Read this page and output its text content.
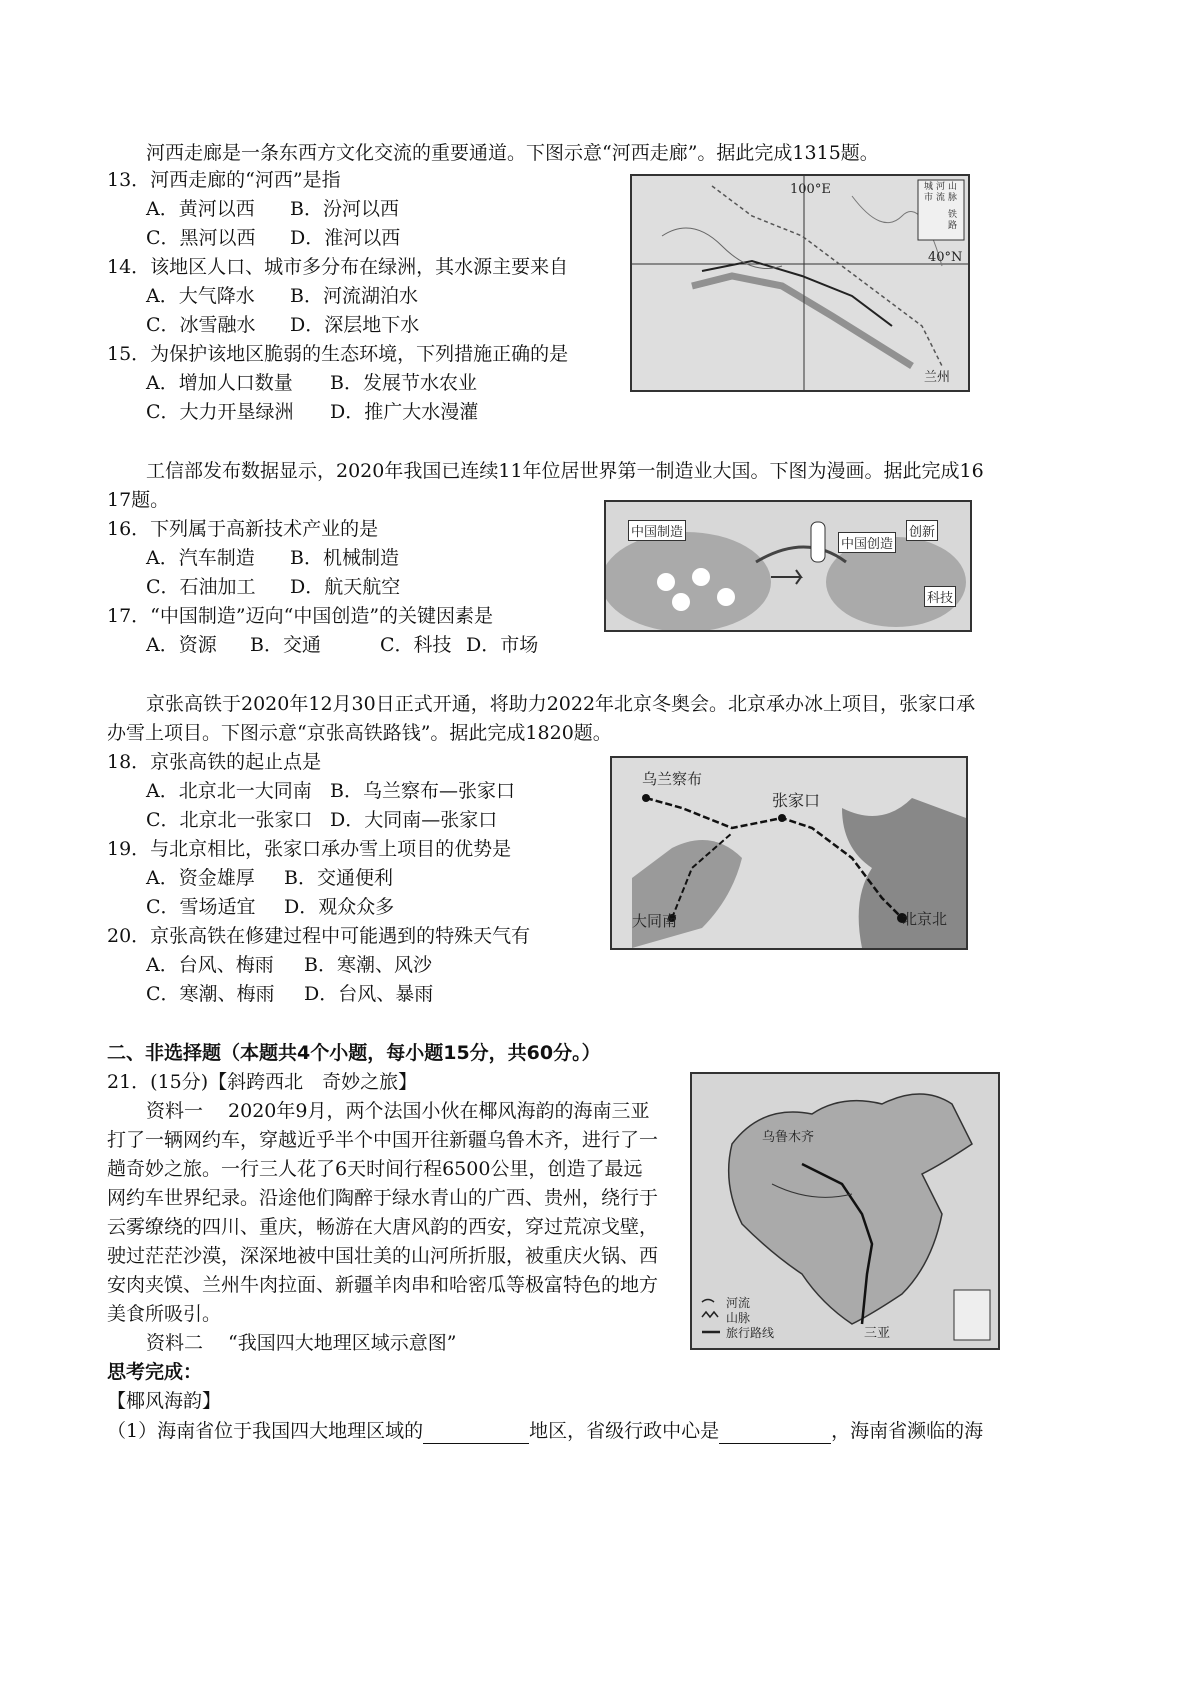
河西走廊是一条东西方文化交流的重要通道。下图示意“河西走廊”。据此完成1315题。
13．河西走廊的“河西”是指
A．黄河以西 B．汾河以西
C．黑河以西 D．淮河以西
14．该地区人口、城市多分布在绿洲，其水源主要来自
A．大气降水 B．河流湖泊水
C．冰雪融水 D．深层地下水
15．为保护该地区脆弱的生态环境，下列措施正确的是
A．增加人口数量 B．发展节水农业
C．大力开垦绿洲 D．推广大水漫灌
100°E
40°N
兰州
山脉
河流
城市
铁路
工信部发布数据显示，2020年我国已连续11年位居世界第一制造业大国。下图为漫画。据此完成16
17题。
16．下列属于高新技术产业的是
A．汽车制造 B．机械制造
C．石油加工 D．航天航空
17．“中国制造”迈向“中国创造”的关键因素是
A．资源 B．交通	C．科技 D．市场
中国制造
中国创造
创新
科技
京张高铁于2020年12月30日正式开通，将助力2022年北京冬奥会。北京承办冰上项目，张家口承
办雪上项目。下图示意“京张高铁路钱”。据此完成1820题。
18．京张高铁的起止点是
A．北京北一大同南 B．乌兰察布—张家口
C．北京北一张家口 D．大同南—张家口
19．与北京相比，张家口承办雪上项目的优势是
A．资金雄厚 B．交通便利
C．雪场适宜 D．观众众多
20．京张高铁在修建过程中可能遇到的特殊天气有
A．台风、梅雨 B．寒潮、风沙
C．寒潮、梅雨 D．台风、暴雨
乌兰察布
张家口
北京北
大同南
二、非选择题（本题共4个小题，每小题15分，共60分。）
21．(15分)【斜跨西北　奇妙之旅】
资料一　 2020年9月，两个法国小伙在椰风海韵的海南三亚
打了一辆网约车，穿越近乎半个中国开往新疆乌鲁木齐，进行了一
趟奇妙之旅。一行三人花了6天时间行程6500公里，创造了最远
网约车世界纪录。沿途他们陶醉于绿水青山的广西、贵州，绕行于
云雾缭绕的四川、重庆，畅游在大唐风韵的西安，穿过荒凉戈壁，
驶过茫茫沙漠，深深地被中国壮美的山河所折服，被重庆火锅、西
安肉夹馍、兰州牛肉拉面、新疆羊肉串和哈密瓜等极富特色的地方
美食所吸引。
资料二　 “我国四大地理区域示意图”
思考完成：
【椰风海韵】
（1）海南省位于我国四大地理区域的	地区，省级行政中心是	，海南省濒临的海
乌鲁木齐
三亚
河流
山脉
旅行路线
